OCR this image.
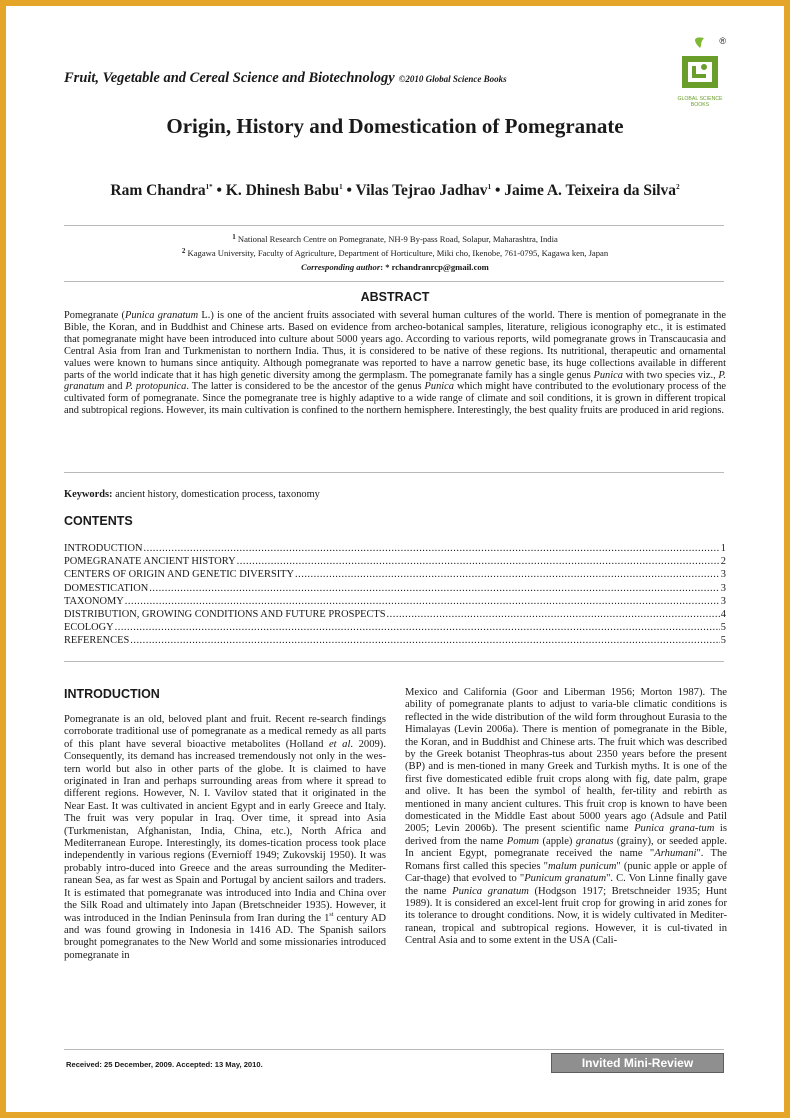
Fruit, Vegetable and Cereal Science and Biotechnology ©2010 Global Science Books
®
GLOBAL SCIENCE
BOOKS
Origin, History and Domestication of Pomegranate
Ram Chandra$^{1*}$ • K. Dhinesh Babu$^1$ • Vilas Tejrao Jadhav$^1$ • Jaime A. Teixeira da Silva$^2$
$^1$ National Research Centre on Pomegranate, NH-9 By-pass Road, Solapur, Maharashtra, India
$^2$ Kagawa University, Faculty of Agriculture, Department of Horticulture, Miki cho, Ikenobe, 761-0795, Kagawa ken, Japan
Corresponding author: * rchandranrcp@gmail.com
ABSTRACT
Pomegranate (Punica granatum L.) is one of the ancient fruits associated with several human cultures of the world. There is mention of pomegranate in the Bible, the Koran, and in Buddhist and Chinese arts. Based on evidence from archeo-botanical samples, literature, religious iconography etc., it is estimated that pomegranate might have been introduced into culture about 5000 years ago. According to various reports, wild pomegranate grows in Transcaucasia and Central Asia from Iran and Turkmenistan to northern India. Thus, it is considered to be native of these regions. Its nutritional, therapeutic and ornamental values were known to humans since antiquity. Although pomegranate was reported to have a narrow genetic base, its huge collections available in different parts of the world indicate that it has high genetic diversity among the germplasm. The pomegranate family has a single genus Punica with two species viz., P. granatum and P. protopunica. The latter is considered to be the ancestor of the genus Punica which might have contributed to the evolutionary process of the cultivated form of pomegranate. Since the pomegranate tree is highly adaptive to a wide range of climate and soil conditions, it is grown in different tropical and subtropical regions. However, its main cultivation is confined to the northern hemisphere. Interestingly, the best quality fruits are produced in arid regions.
Keywords: ancient history, domestication process, taxonomy
CONTENTS
INTRODUCTION .....	1
POMEGRANATE ANCIENT HISTORY .....	2
CENTERS OF ORIGIN AND GENETIC DIVERSITY .....	3
DOMESTICATION .....	3
TAXONOMY .....	3
DISTRIBUTION, GROWING CONDITIONS AND FUTURE PROSPECTS .....	4
ECOLOGY .....	5
REFERENCES .....	5
INTRODUCTION
Pomegranate is an old, beloved plant and fruit. Recent re-search findings corroborate traditional use of pomegranate as a medical remedy as all parts of this plant have several bioactive metabolites (Holland et al. 2009). Consequently, its demand has increased tremendously not only in the wes-tern world but also in other parts of the globe. It is claimed to have originated in Iran and perhaps surrounding areas from where it spread to different regions. However, N. I. Vavilov stated that it originated in the Near East. It was cultivated in ancient Egypt and in early Greece and Italy. The fruit was very popular in Iraq. Over time, it spread into Asia (Turkmenistan, Afghanistan, India, China, etc.), North Africa and Mediterranean Europe. Interestingly, its domes-tication process took place independently in various regions (Evernioff 1949; Zukovskij 1950). It was probably intro-duced into Greece and the areas surrounding the Mediter-ranean Sea, as far west as Spain and Portugal by ancient sailors and traders. It is estimated that pomegranate was introduced into India and China over the Silk Road and ultimately into Japan (Bretschneider 1935). However, it was introduced in the Indian Peninsula from Iran during the 1st century AD and was found growing in Indonesia in 1416 AD. The Spanish sailors brought pomegranates to the New World and some missionaries introduced pomegranate in
Mexico and California (Goor and Liberman 1956; Morton 1987). The ability of pomegranate plants to adjust to varia-ble climatic conditions is reflected in the wide distribution of the wild form throughout Eurasia to the Himalayas (Levin 2006a). There is mention of pomegranate in the Bible, the Koran, and in Buddhist and Chinese arts. The fruit which was described by the Greek botanist Theophras-tus about 2350 years before the present (BP) and is men-tioned in many Greek and Turkish myths. It is one of the first five domesticated edible fruit crops along with fig, date palm, grape and olive. It has been the symbol of health, fer-tility and rebirth as mentioned in many ancient cultures. This fruit crop is known to have been domesticated in the Middle East about 5000 years ago (Adsule and Patil 2005; Levin 2006b). The present scientific name Punica grana-tum is derived from the name Pomum (apple) granatus (grainy), or seeded apple. In ancient Egypt, pomegranate received the name "Arhumani". The Romans first called this species "malum punicum" (punic apple or apple of Car-thage) that evolved to "Punicum granatum". C. Von Linne finally gave the name Punica granatum (Hodgson 1917; Bretschneider 1935; Hunt 1989). It is considered an excel-lent fruit crop for growing in arid zones for its tolerance to drought conditions. Now, it is widely cultivated in Mediter-ranean, tropical and subtropical regions. However, it is cul-tivated in Central Asia and to some extent in the USA (Cali-
Received: 25 December, 2009. Accepted: 13 May, 2010.	Invited Mini-Review
